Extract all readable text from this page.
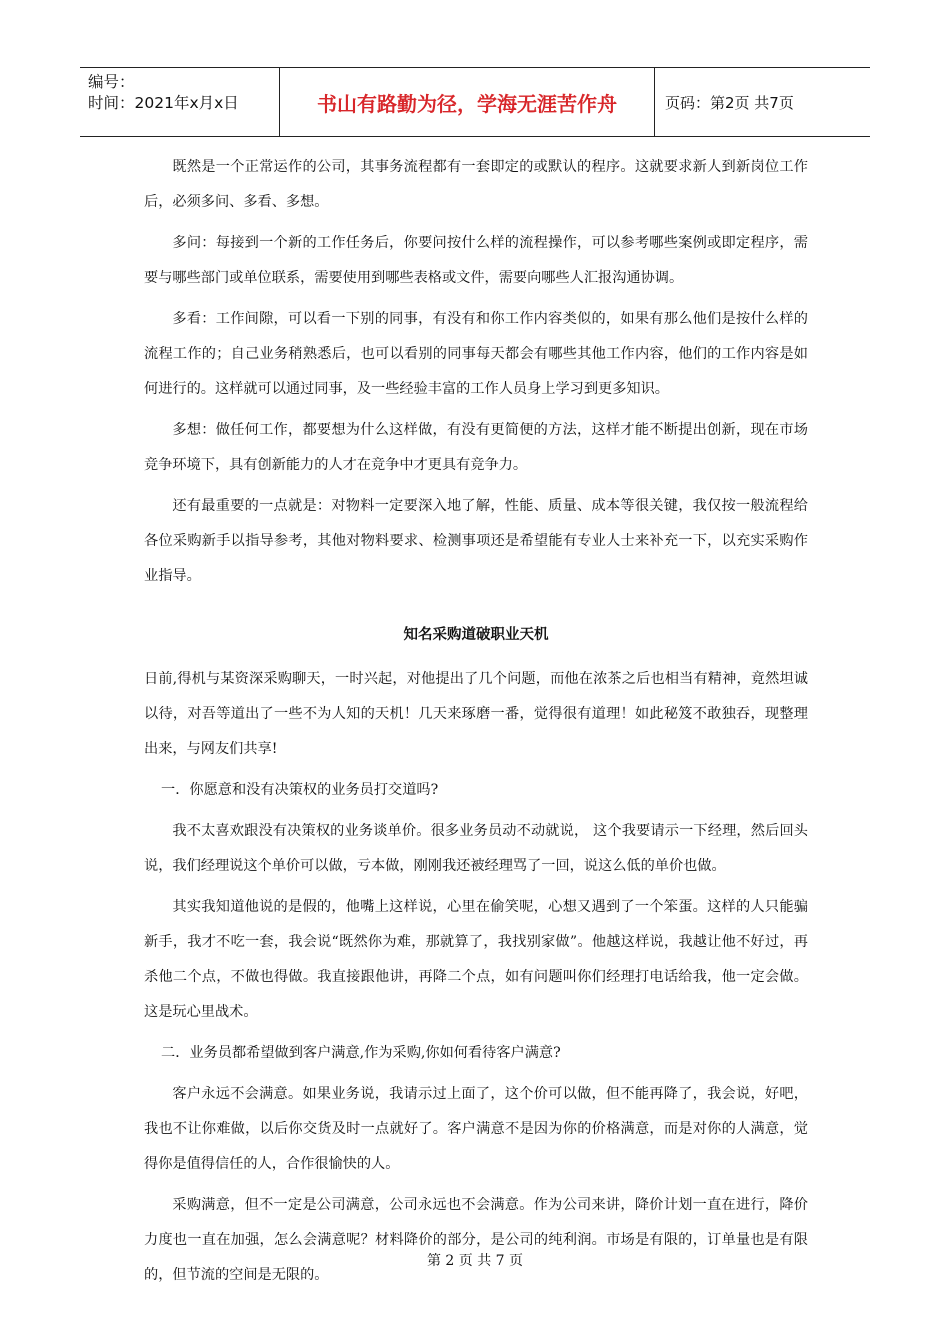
编号：
时间：2021年x月x日	书山有路勤为径，学海无涯苦作舟	页码：第2页 共7页

既然是一个正常运作的公司，其事务流程都有一套即定的或默认的程序。这就要求新人到新岗位工作后，必须多问、多看、多想。

多问：每接到一个新的工作任务后，你要问按什么样的流程操作，可以参考哪些案例或即定程序，需要与哪些部门或单位联系，需要使用到哪些表格或文件，需要向哪些人汇报沟通协调。

多看：工作间隙，可以看一下别的同事，有没有和你工作内容类似的，如果有那么他们是按什么样的流程工作的；自己业务稍熟悉后，也可以看别的同事每天都会有哪些其他工作内容，他们的工作内容是如何进行的。这样就可以通过同事，及一些经验丰富的工作人员身上学习到更多知识。

多想：做任何工作，都要想为什么这样做，有没有更简便的方法，这样才能不断提出创新，现在市场竞争环境下，具有创新能力的人才在竞争中才更具有竞争力。

还有最重要的一点就是：对物料一定要深入地了解，性能、质量、成本等很关键，我仅按一般流程给各位采购新手以指导参考，其他对物料要求、检测事项还是希望能有专业人士来补充一下，以充实采购作业指导。

知名采购道破职业天机

日前,得机与某资深采购聊天，一时兴起，对他提出了几个问题，而他在浓茶之后也相当有精神，竟然坦诚以待，对吾等道出了一些不为人知的天机！几天来琢磨一番，觉得很有道理！如此秘笈不敢独吞，现整理出来，与网友们共享!

一．你愿意和没有决策权的业务员打交道吗?

我不太喜欢跟没有决策权的业务谈单价。很多业务员动不动就说， 这个我要请示一下经理，然后回头说，我们经理说这个单价可以做，亏本做，刚刚我还被经理骂了一回，说这么低的单价也做。

其实我知道他说的是假的，他嘴上这样说，心里在偷笑呢，心想又遇到了一个笨蛋。这样的人只能骗新手，我才不吃一套，我会说“既然你为难，那就算了，我找别家做”。他越这样说，我越让他不好过，再杀他二个点，不做也得做。我直接跟他讲，再降二个点，如有问题叫你们经理打电话给我，他一定会做。这是玩心里战术。

二．业务员都希望做到客户满意,作为采购,你如何看待客户满意?

客户永远不会满意。如果业务说，我请示过上面了，这个价可以做，但不能再降了，我会说，好吧，我也不让你难做，以后你交货及时一点就好了。客户满意不是因为你的价格满意，而是对你的人满意，觉得你是值得信任的人，合作很愉快的人。

采购满意，但不一定是公司满意，公司永远也不会满意。作为公司来讲，降价计划一直在进行，降价力度也一直在加强，怎么会满意呢？材料降价的部分，是公司的纯利润。市场是有限的，订单量也是有限的，但节流的空间是无限的。

第 2 页 共 7 页
